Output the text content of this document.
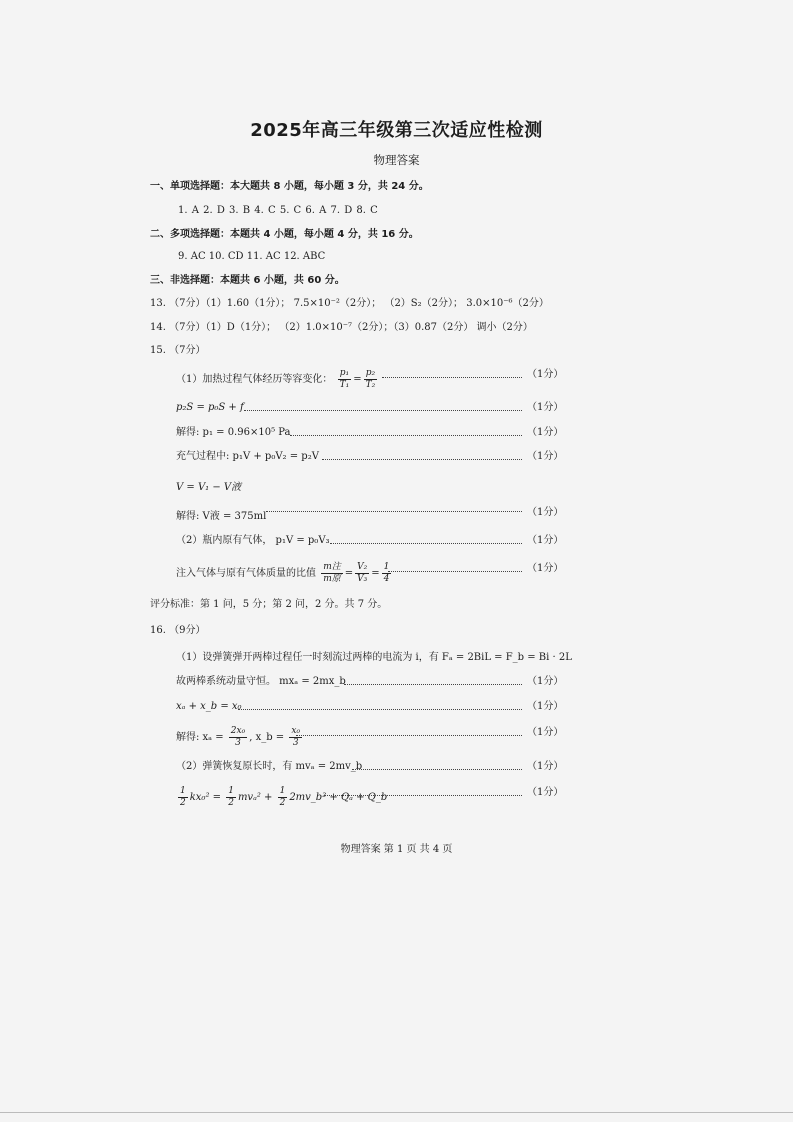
2025年高三年级第三次适应性检测
物理答案
一、单项选择题：本大题共 8 小题，每小题 3 分，共 24 分。
1. A 2. D 3. B 4. C 5. C 6. A 7. D 8. C
二、多项选择题：本题共 4 小题，每小题 4 分，共 16 分。
9. AC 10. CD 11. AC 12. ABC
三、非选择题：本题共 6 小题，共 60 分。
13. （7分）（1）1.60（1分）； 7.5×10⁻²（2分）； （2）S₂（2分）； 3.0×10⁻⁶（2分）
14. （7分）（1）D（1分）； （2）1.0×10⁻⁷（2分）；（3）0.87（2分） 调小（2分）
15. （7分）
（1）加热过程气体经历等容变化： $\frac{\text{p₁}}{\text{T₁}} = \frac{\text{p₂}}{\text{T₂}}$	（1分）
p₂S = p₀S + f	（1分）
解得: p₁ = 0.96×10⁵ Pa	（1分）
充气过程中: p₁V + p₀V₂ = p₂V	（1分）
V = V₁ − V液
解得: V液 = 375ml	（1分）
（2）瓶内原有气体， p₁V = p₀V₃	（1分）
注入气体与原有气体质量的比值 $\frac{\text{m注}}{\text{m原}} = \frac{\text{V₂}}{\text{V₃}} = \frac{1}{4}$	（1分）
评分标准：第 1 问，5 分；第 2 问，2 分。共 7 分。
16. （9分）
（1）设弹簧弹开两棒过程任一时刻流过两棒的电流为 i，有 Fₐ = 2BiL = F_b = Bi · 2L
故两棒系统动量守恒。 mxₐ = 2mx_b	（1分）
xₐ + x_b = x₀	（1分）
解得: $x_a = \frac{\text{2x₀}}{3}$ , x_b = $\frac{\text{x₀}}{3}$	（1分）
（2）弹簧恢复原长时，有 mvₐ = 2mv_b	（1分）
$\frac{1}{2} kx_0^2 = \frac{1}{2} mv_a^2 + \frac{1}{2}$ 2mv_b² + Qₐ + Q_b	（1分）
物理答案 第 1 页 共 4 页
